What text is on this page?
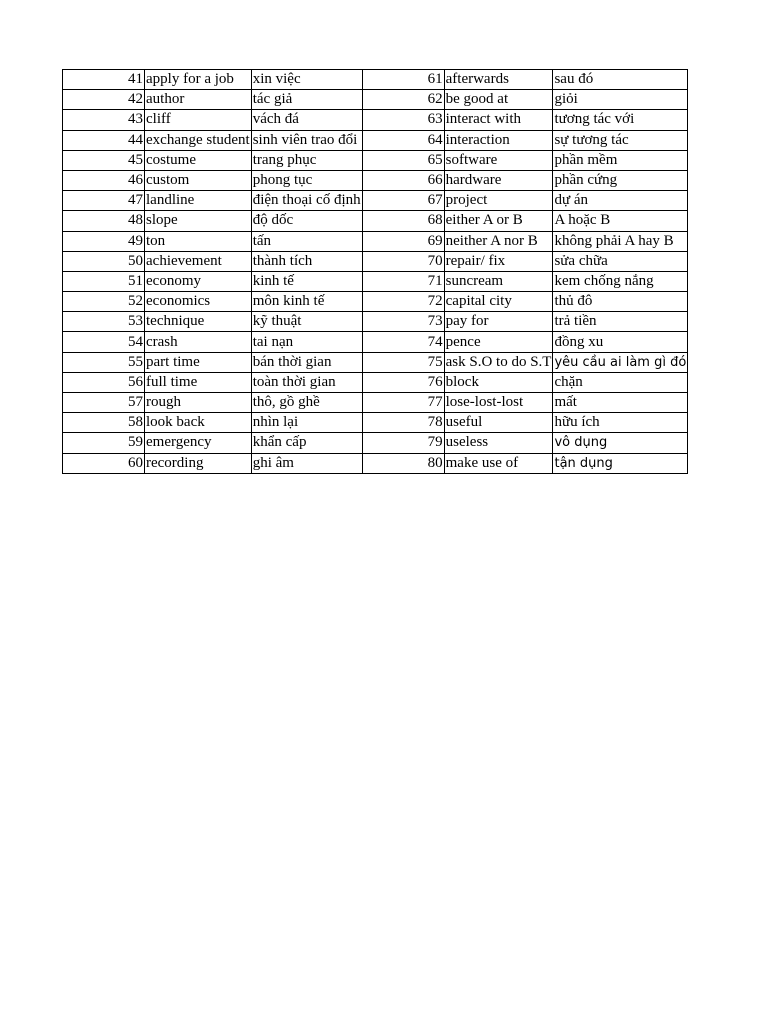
41	apply for a job	xin việc	61	afterwards	sau đó
42	author	tác giả	62	be good at	giỏi
43	cliff	vách đá	63	interact with	tương tác với
44	exchange student	sinh viên trao đổi	64	interaction	sự tương tác
45	costume	trang phục	65	software	phần mềm
46	custom	phong tục	66	hardware	phần cứng
47	landline	điện thoại cố định	67	project	dự án
48	slope	độ dốc	68	either A or B	A hoặc B
49	ton	tấn	69	neither A nor B	không phải A hay B
50	achievement	thành tích	70	repair/ fix	sửa chữa
51	economy	kinh tế	71	suncream	kem chống nắng
52	economics	môn kinh tế	72	capital city	thủ đô
53	technique	kỹ thuật	73	pay for	trả tiền
54	crash	tai nạn	74	pence	đồng xu
55	part time	bán thời gian	75	ask S.O to do S.T	yêu cầu ai làm gì đó
56	full time	toàn thời gian	76	block	chặn
57	rough	thô, gồ ghề	77	lose-lost-lost	mất
58	look back	nhìn lại	78	useful	hữu ích
59	emergency	khẩn cấp	79	useless	vô dụng
60	recording	ghi âm	80	make use of	tận dụng
